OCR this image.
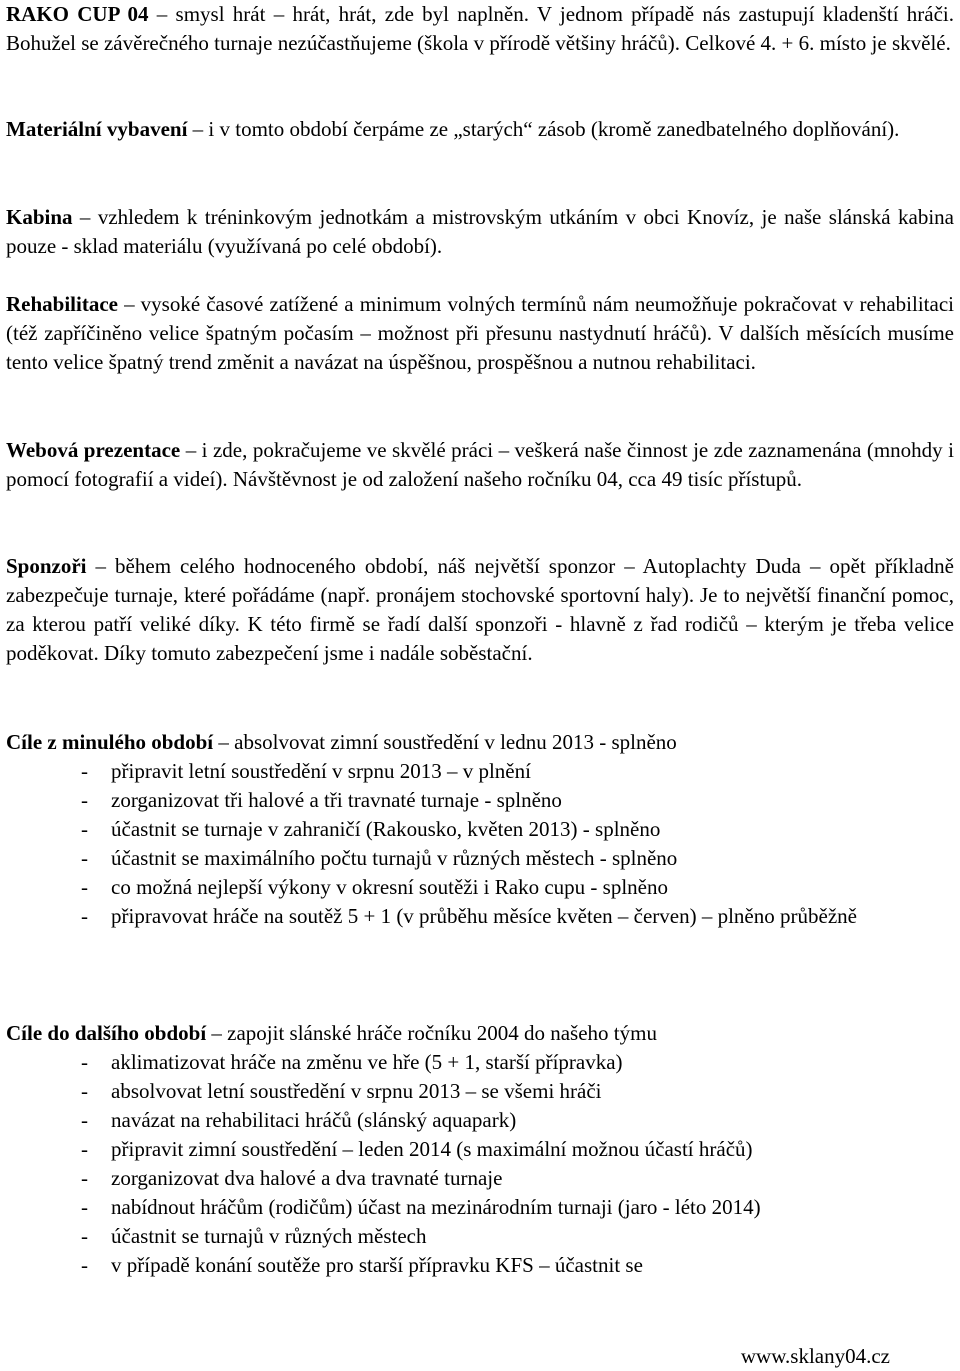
RAKO CUP 04 – smysl hrát – hrát, hrát, zde byl naplněn. V jednom případě nás zastupují kladenští hráči. Bohužel se závěrečného turnaje nezúčastňujeme (škola v přírodě většiny hráčů). Celkové 4. + 6. místo je skvělé.

Materiální vybavení – i v tomto období čerpáme ze „starých“ zásob (kromě zanedbatelného doplňování).

Kabina – vzhledem k tréninkovým jednotkám a mistrovským utkáním v obci Knovíz, je naše slánská kabina pouze - sklad materiálu (využívaná po celé období).

Rehabilitace – vysoké časové zatížené a minimum volných termínů nám neumožňuje pokračovat v rehabilitaci (též zapříčiněno velice špatným počasím – možnost při přesunu nastydnutí hráčů). V dalších měsících musíme tento velice špatný trend změnit a navázat na úspěšnou, prospěšnou a nutnou rehabilitaci.

Webová prezentace – i zde, pokračujeme ve skvělé práci – veškerá naše činnost je zde zaznamenána (mnohdy i pomocí fotografií a videí). Návštěvnost je od založení našeho ročníku 04, cca 49 tisíc přístupů.

Sponzoři – během celého hodnoceného období, náš největší sponzor – Autoplachty Duda – opět příkladně zabezpečuje turnaje, které pořádáme (např. pronájem stochovské sportovní haly). Je to největší finanční pomoc, za kterou patří veliké díky. K této firmě se řadí další sponzoři - hlavně z řad rodičů – kterým je třeba velice poděkovat. Díky tomuto zabezpečení jsme i nadále soběstační.

Cíle z minulého období – absolvovat zimní soustředění v lednu 2013 - splněno

- připravit letní soustředění v srpnu 2013 – v plnění
- zorganizovat tři halové a tři travnaté turnaje - splněno
- účastnit se turnaje v zahraničí (Rakousko, květen 2013) - splněno
- účastnit se maximálního počtu turnajů v různých městech - splněno
- co možná nejlepší výkony v okresní soutěži i Rako cupu - splněno
- připravovat hráče na soutěž 5 + 1 (v průběhu měsíce květen – červen) – plněno průběžně

Cíle do dalšího období – zapojit slánské hráče ročníku 2004 do našeho týmu

- aklimatizovat hráče na změnu ve hře (5 + 1, starší přípravka)
- absolvovat letní soustředění v srpnu 2013 – se všemi hráči
- navázat na rehabilitaci hráčů (slánský aquapark)
- připravit zimní soustředění – leden 2014 (s maximální možnou účastí hráčů)
- zorganizovat dva halové a dva travnaté turnaje
- nabídnout hráčům (rodičům) účast na mezinárodním turnaji (jaro - léto 2014)
- účastnit se turnajů v různých městech
- v případě konání soutěže pro starší přípravku KFS – účastnit se
www.sklany04.cz
